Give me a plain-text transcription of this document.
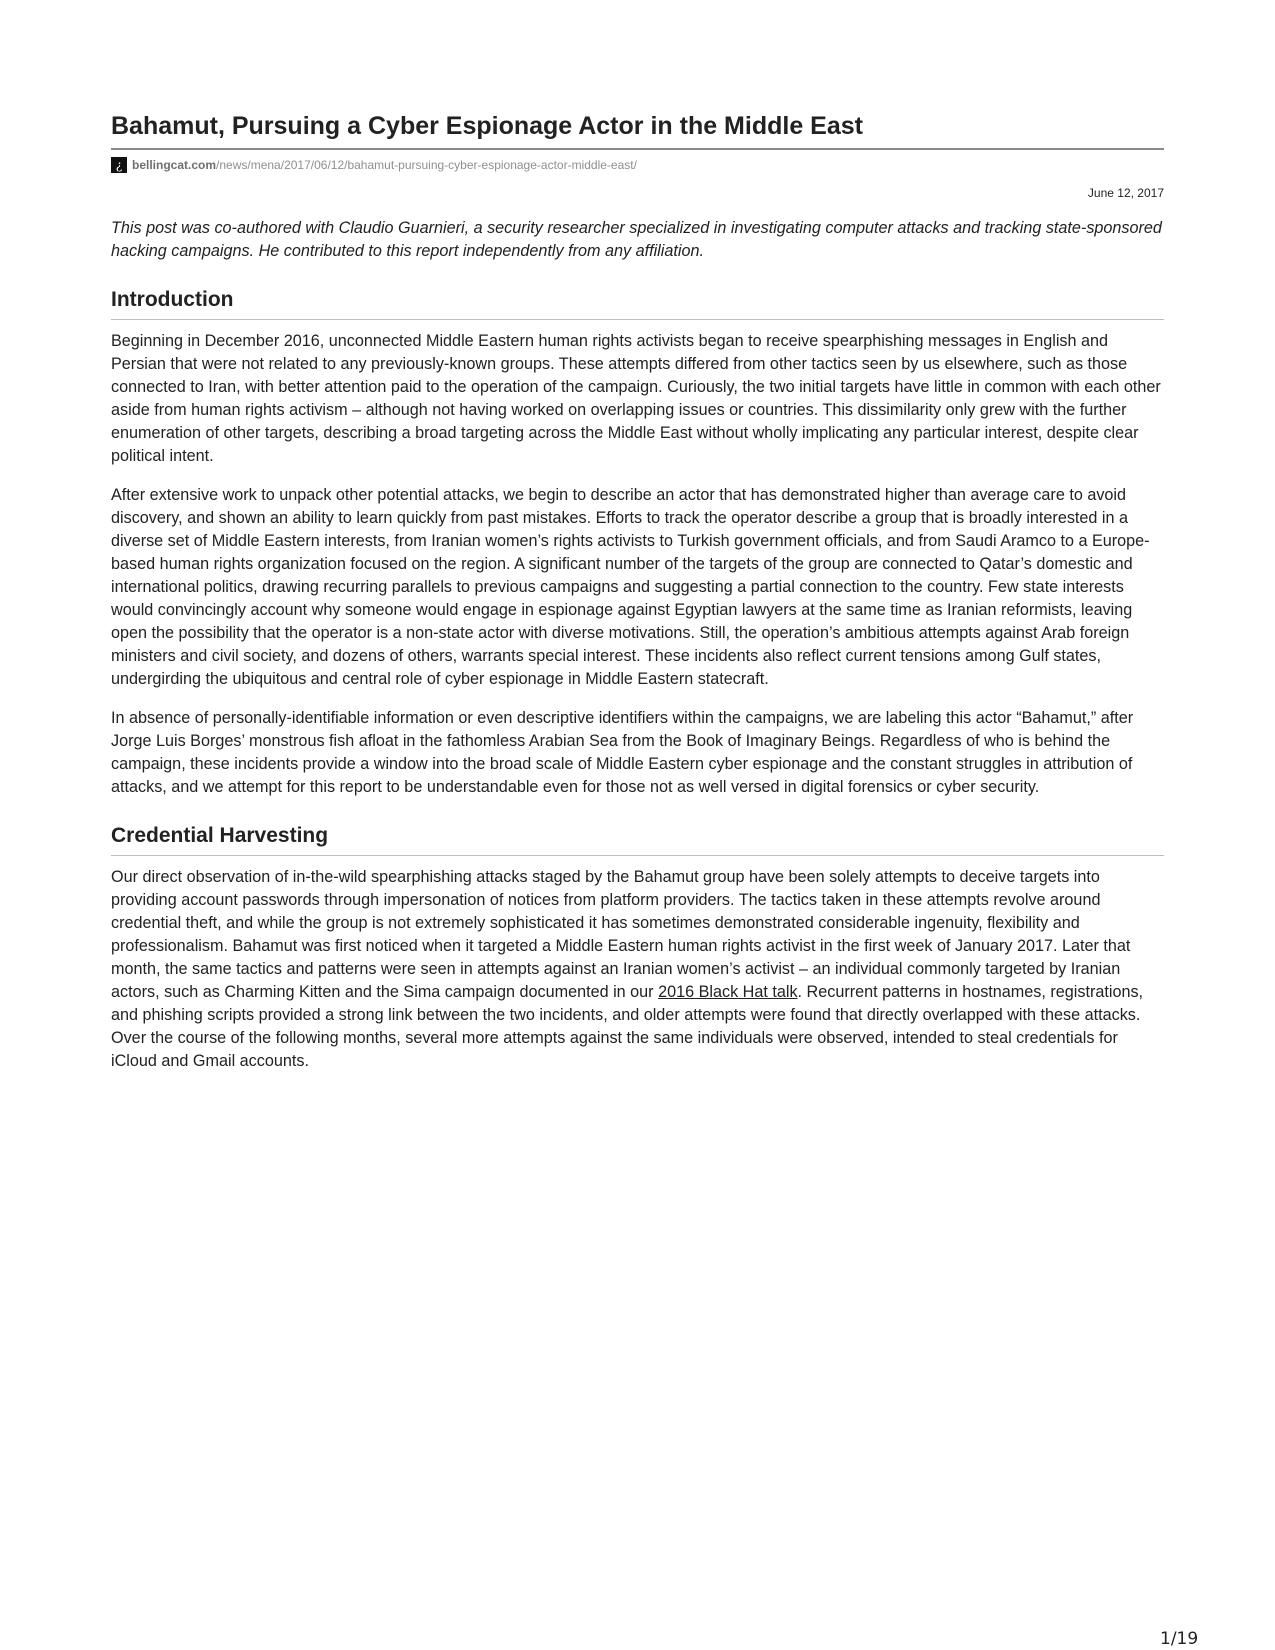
Bahamut, Pursuing a Cyber Espionage Actor in the Middle East
¿ bellingcat.com/news/mena/2017/06/12/bahamut-pursuing-cyber-espionage-actor-middle-east/
June 12, 2017

This post was co-authored with Claudio Guarnieri, a security researcher specialized in investigating computer attacks and tracking state-sponsored hacking campaigns. He contributed to this report independently from any affiliation.

Introduction

Beginning in December 2016, unconnected Middle Eastern human rights activists began to receive spearphishing messages in English and Persian that were not related to any previously-known groups. These attempts differed from other tactics seen by us elsewhere, such as those connected to Iran, with better attention paid to the operation of the campaign. Curiously, the two initial targets have little in common with each other aside from human rights activism – although not having worked on overlapping issues or countries. This dissimilarity only grew with the further enumeration of other targets, describing a broad targeting across the Middle East without wholly implicating any particular interest, despite clear political intent.

After extensive work to unpack other potential attacks, we begin to describe an actor that has demonstrated higher than average care to avoid discovery, and shown an ability to learn quickly from past mistakes. Efforts to track the operator describe a group that is broadly interested in a diverse set of Middle Eastern interests, from Iranian women’s rights activists to Turkish government officials, and from Saudi Aramco to a Europe-based human rights organization focused on the region. A significant number of the targets of the group are connected to Qatar’s domestic and international politics, drawing recurring parallels to previous campaigns and suggesting a partial connection to the country. Few state interests would convincingly account why someone would engage in espionage against Egyptian lawyers at the same time as Iranian reformists, leaving open the possibility that the operator is a non-state actor with diverse motivations. Still, the operation’s ambitious attempts against Arab foreign ministers and civil society, and dozens of others, warrants special interest. These incidents also reflect current tensions among Gulf states, undergirding the ubiquitous and central role of cyber espionage in Middle Eastern statecraft.

In absence of personally-identifiable information or even descriptive identifiers within the campaigns, we are labeling this actor “Bahamut,” after Jorge Luis Borges’ monstrous fish afloat in the fathomless Arabian Sea from the Book of Imaginary Beings. Regardless of who is behind the campaign, these incidents provide a window into the broad scale of Middle Eastern cyber espionage and the constant struggles in attribution of attacks, and we attempt for this report to be understandable even for those not as well versed in digital forensics or cyber security.

Credential Harvesting

Our direct observation of in-the-wild spearphishing attacks staged by the Bahamut group have been solely attempts to deceive targets into providing account passwords through impersonation of notices from platform providers. The tactics taken in these attempts revolve around credential theft, and while the group is not extremely sophisticated it has sometimes demonstrated considerable ingenuity, flexibility and professionalism. Bahamut was first noticed when it targeted a Middle Eastern human rights activist in the first week of January 2017. Later that month, the same tactics and patterns were seen in attempts against an Iranian women’s activist – an individual commonly targeted by Iranian actors, such as Charming Kitten and the Sima campaign documented in our 2016 Black Hat talk. Recurrent patterns in hostnames, registrations, and phishing scripts provided a strong link between the two incidents, and older attempts were found that directly overlapped with these attacks. Over the course of the following months, several more attempts against the same individuals were observed, intended to steal credentials for iCloud and Gmail accounts.

1/19
